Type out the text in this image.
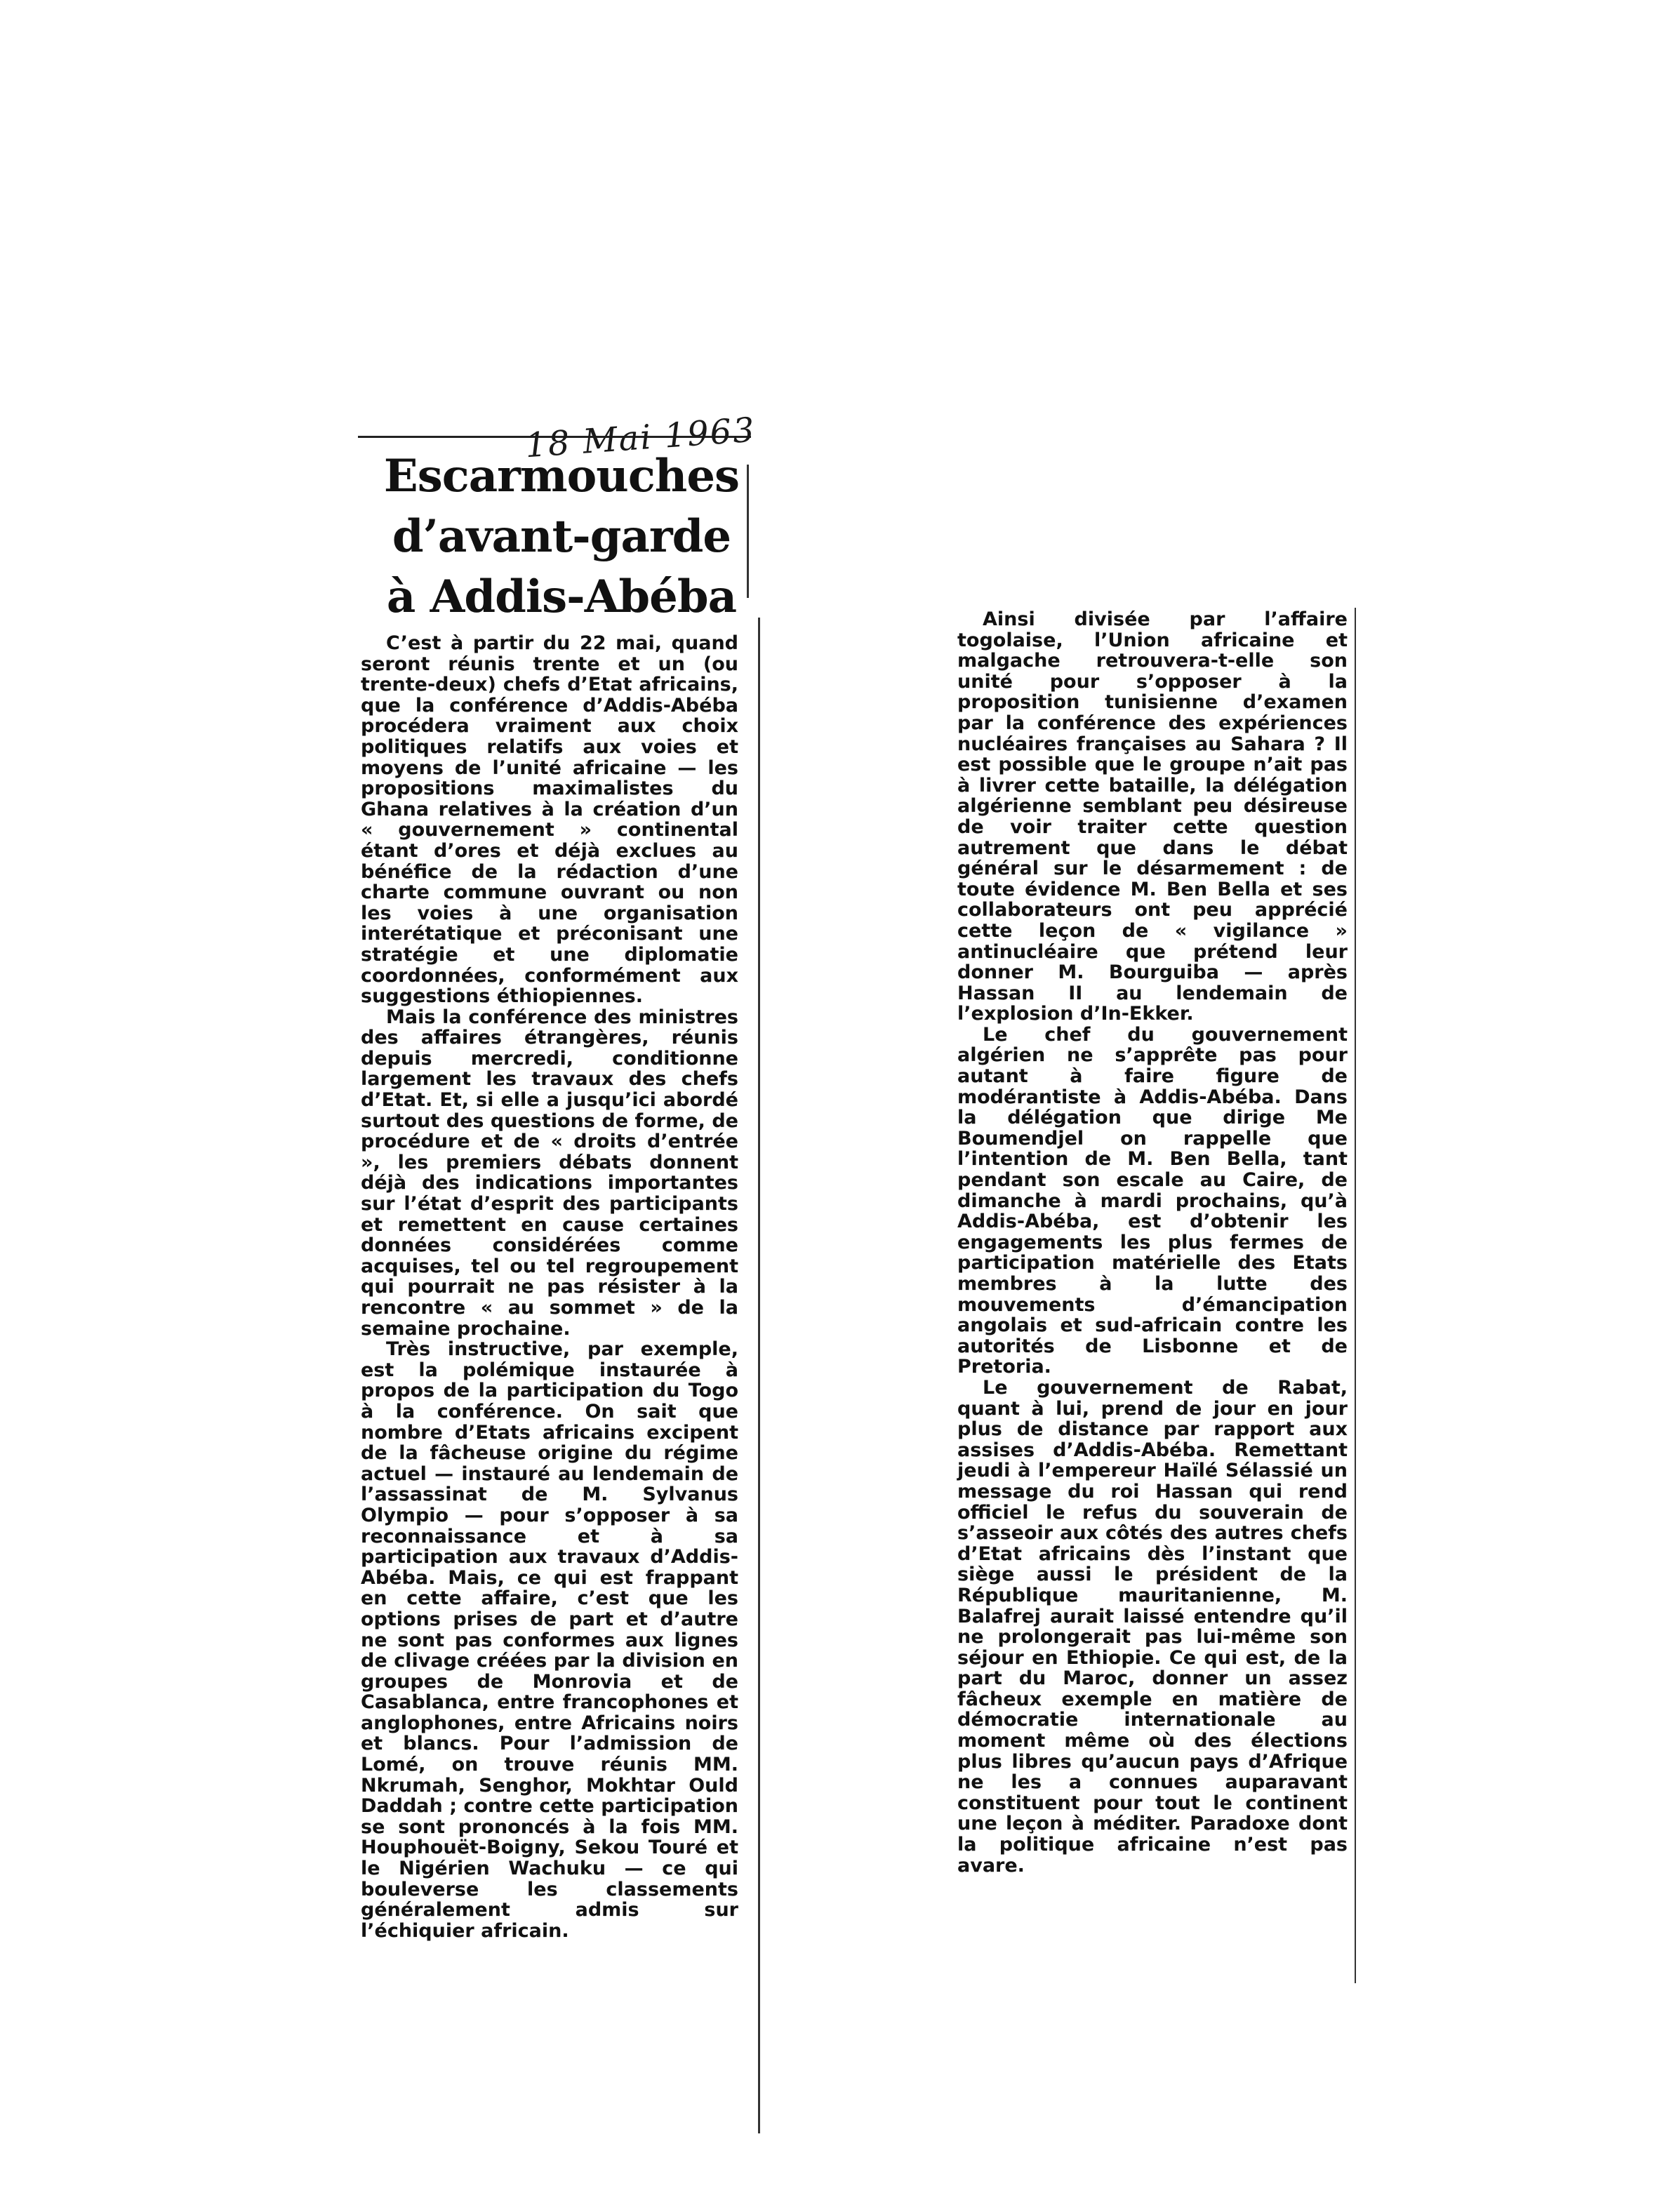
18 Mai 1963
Escarmouches
d’avant-garde
à Addis-Abéba

C’est à partir du 22 mai, quand seront réunis trente et un (ou trente-deux) chefs d’Etat africains, que la conférence d’Addis-Abéba procédera vraiment aux choix politiques relatifs aux voies et moyens de l’unité africaine — les propositions maximalistes du Ghana relatives à la création d’un « gouvernement » continental étant d’ores et déjà exclues au bénéfice de la rédaction d’une charte commune ouvrant ou non les voies à une organisation interétatique et préconisant une stratégie et une diplomatie coordonnées, conformément aux suggestions éthiopiennes.

Mais la conférence des ministres des affaires étrangères, réunis depuis mercredi, conditionne largement les travaux des chefs d’Etat. Et, si elle a jusqu’ici abordé surtout des questions de forme, de procédure et de « droits d’entrée », les premiers débats donnent déjà des indications importantes sur l’état d’esprit des participants et remettent en cause certaines données considérées comme acquises, tel ou tel regroupement qui pourrait ne pas résister à la rencontre « au sommet » de la semaine prochaine.

Très instructive, par exemple, est la polémique instaurée à propos de la participation du Togo à la conférence. On sait que nombre d’Etats africains excipent de la fâcheuse origine du régime actuel — instauré au lendemain de l’assassinat de M. Sylvanus Olympio — pour s’opposer à sa reconnaissance et à sa participation aux travaux d’Addis-Abéba. Mais, ce qui est frappant en cette affaire, c’est que les options prises de part et d’autre ne sont pas conformes aux lignes de clivage créées par la division en groupes de Monrovia et de Casablanca, entre francophones et anglophones, entre Africains noirs et blancs. Pour l’admission de Lomé, on trouve réunis MM. Nkrumah, Senghor, Mokhtar Ould Daddah ; contre cette participation se sont prononcés à la fois MM. Houphouët-Boigny, Sekou Touré et le Nigérien Wachuku — ce qui bouleverse les classements généralement admis sur l’échiquier africain.

Ainsi divisée par l’affaire togolaise, l’Union africaine et malgache retrouvera-t-elle son unité pour s’opposer à la proposition tunisienne d’examen par la conférence des expériences nucléaires françaises au Sahara ? Il est possible que le groupe n’ait pas à livrer cette bataille, la délégation algérienne semblant peu désireuse de voir traiter cette question autrement que dans le débat général sur le désarmement : de toute évidence M. Ben Bella et ses collaborateurs ont peu apprécié cette leçon de « vigilance » antinucléaire que prétend leur donner M. Bourguiba — après Hassan II au lendemain de l’explosion d’In-Ekker.

Le chef du gouvernement algérien ne s’apprête pas pour autant à faire figure de modérantiste à Addis-Abéba. Dans la délégation que dirige Me Boumendjel on rappelle que l’intention de M. Ben Bella, tant pendant son escale au Caire, de dimanche à mardi prochains, qu’à Addis-Abéba, est d’obtenir les engagements les plus fermes de participation matérielle des Etats membres à la lutte des mouvements d’émancipation angolais et sud-africain contre les autorités de Lisbonne et de Pretoria.

Le gouvernement de Rabat, quant à lui, prend de jour en jour plus de distance par rapport aux assises d’Addis-Abéba. Remettant jeudi à l’empereur Haïlé Sélassié un message du roi Hassan qui rend officiel le refus du souverain de s’asseoir aux côtés des autres chefs d’Etat africains dès l’instant que siège aussi le président de la République mauritanienne, M. Balafrej aurait laissé entendre qu’il ne prolongerait pas lui-même son séjour en Ethiopie. Ce qui est, de la part du Maroc, donner un assez fâcheux exemple en matière de démocratie internationale au moment même où des élections plus libres qu’aucun pays d’Afrique ne les a connues auparavant constituent pour tout le continent une leçon à méditer. Paradoxe dont la politique africaine n’est pas avare.
